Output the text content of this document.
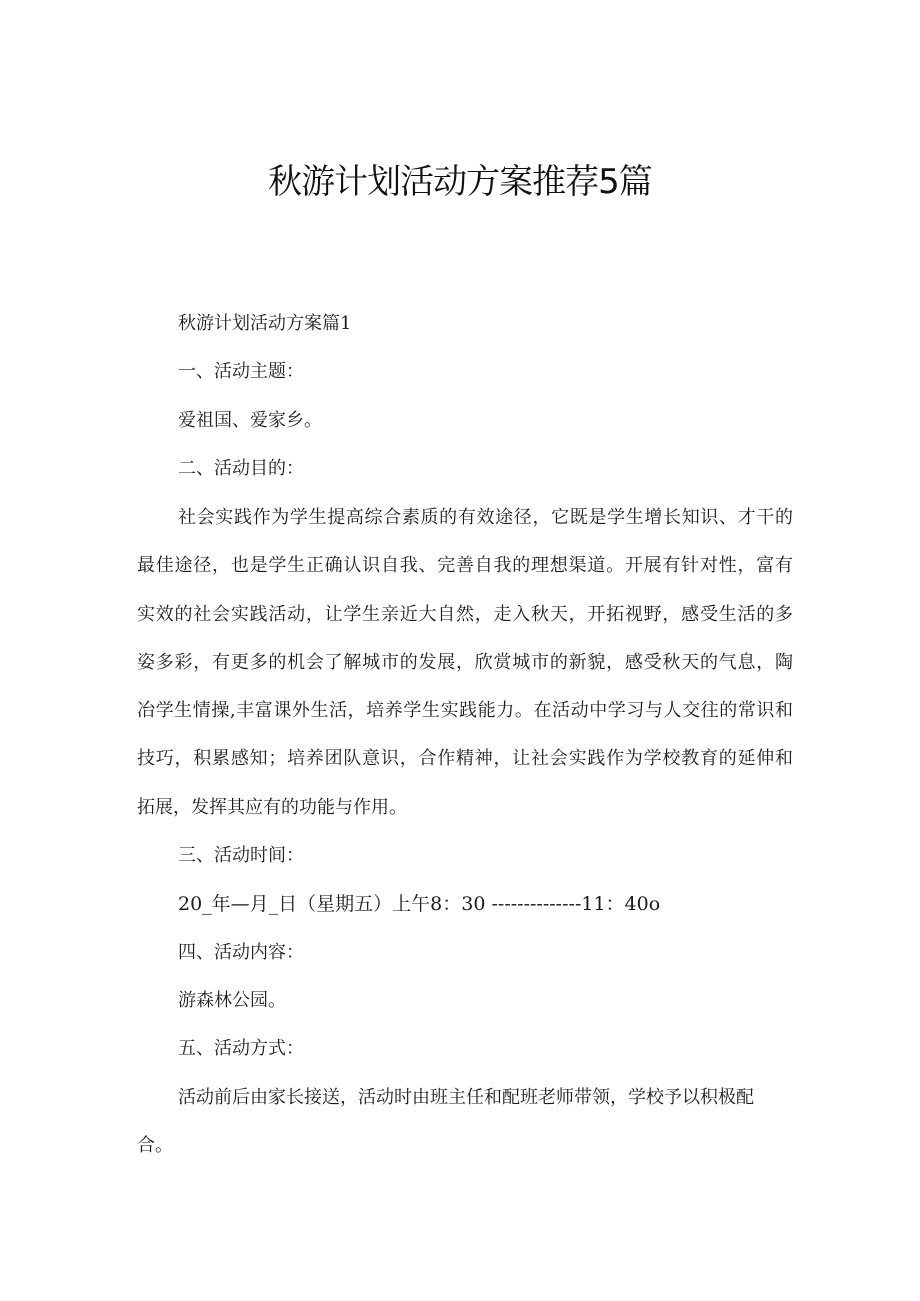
秋游计划活动方案推荐5篇

秋游计划活动方案篇1

一、活动主题：

爱祖国、爱家乡。

二、活动目的：

社会实践作为学生提高综合素质的有效途径，它既是学生增长知识、才干的
最佳途径，也是学生正确认识自我、完善自我的理想渠道。开展有针对性，富有
实效的社会实践活动，让学生亲近大自然，走入秋天，开拓视野，感受生活的多
姿多彩，有更多的机会了解城市的发展，欣赏城市的新貌，感受秋天的气息，陶
冶学生情操,丰富课外生活，培养学生实践能力。在活动中学习与人交往的常识和
技巧，积累感知；培养团队意识，合作精神，让社会实践作为学校教育的延伸和
拓展，发挥其应有的功能与作用。

三、活动时间：

20_年—月_日（星期五）上午8：30 --------------11：40o

四、活动内容：

游森林公园。

五、活动方式：

活动前后由家长接送，活动时由班主任和配班老师带领，学校予以积极配
合。
